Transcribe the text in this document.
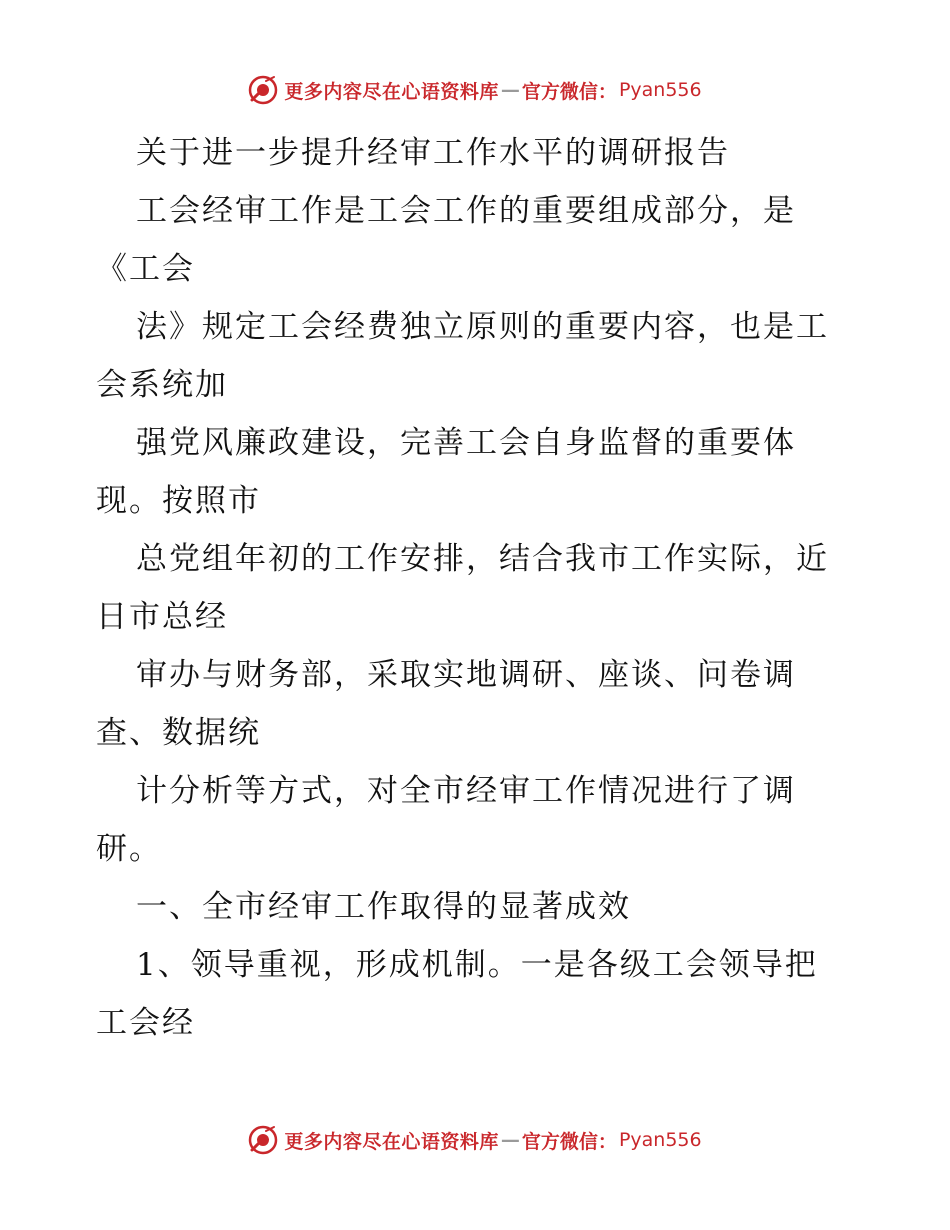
更多内容尽在心语资料库 — 官方微信： Pyan556
关于进一步提升经审工作水平的调研报告
工会经审工作是工会工作的重要组成部分，是
《工会
法》规定工会经费独立原则的重要内容，也是工
会系统加
强党风廉政建设，完善工会自身监督的重要体
现。按照市
总党组年初的工作安排，结合我市工作实际，近
日市总经
审办与财务部，采取实地调研、座谈、问卷调
查、数据统
计分析等方式，对全市经审工作情况进行了调
研。
一、全市经审工作取得的显著成效
1、领导重视，形成机制。一是各级工会领导把
工会经
更多内容尽在心语资料库 — 官方微信： Pyan556
